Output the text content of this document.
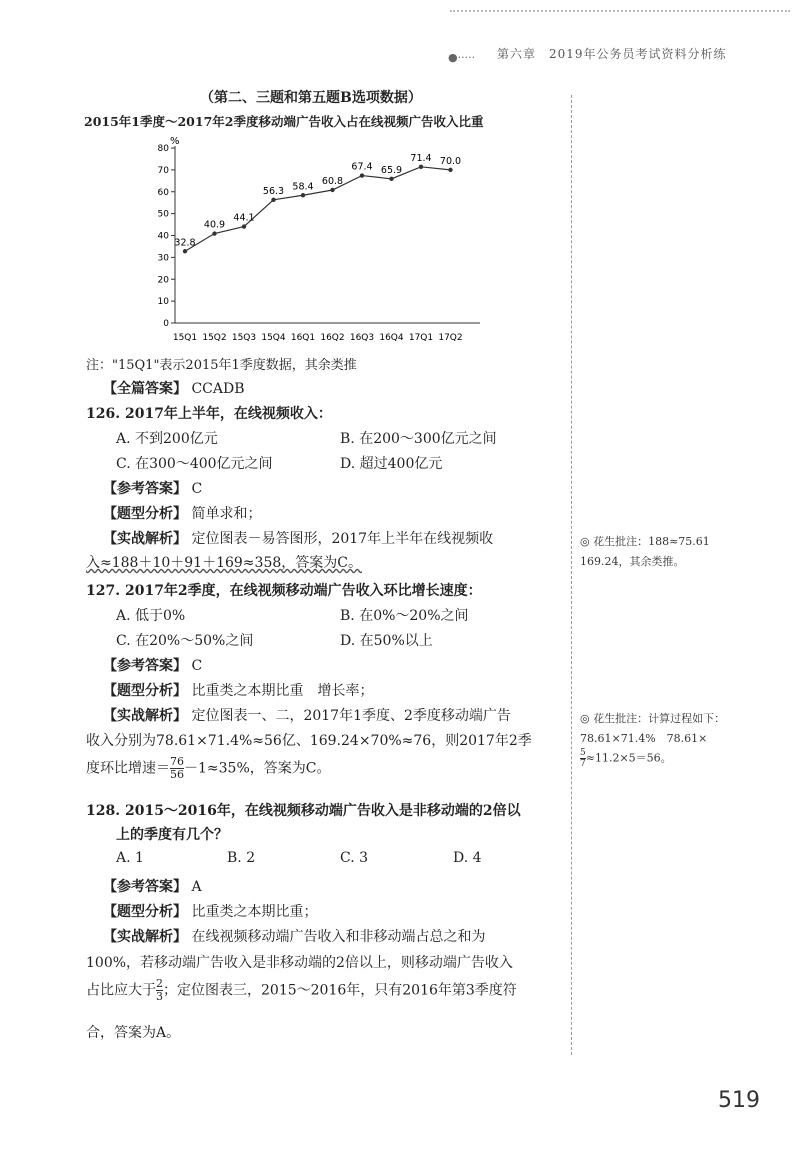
●····· 第六章　2019年公务员考试资料分析练
（第二、三题和第五题B选项数据）
2015年1季度～2017年2季度移动端广告收入占在线视频广告收入比重
%
0
10
20
30
40
50
60
70
80
32.8
40.9
44.1
56.3 58.4 60.8
67.4 65.9
71.4 70.0
15Q1 15Q2 15Q3 15Q4 16Q1 16Q2 16Q3 16Q4 17Q1 17Q2
注："15Q1"表示2015年1季度数据，其余类推
【全篇答案】 CCADB
126. 2017年上半年，在线视频收入：
A. 不到200亿元	B. 在200～300亿元之间
C. 在300～400亿元之间	D. 超过400亿元
【参考答案】 C
【题型分析】 简单求和；
【实战解析】 定位图表－易答图形，2017年上半年在线视频收
入≈188＋10＋91＋169≈358，答案为C。
◎ 花生批注：188≈75.61
169.24，其余类推。
127. 2017年2季度，在线视频移动端广告收入环比增长速度：
A. 低于0%	B. 在0%～20%之间
C. 在20%～50%之间	D. 在50%以上
【参考答案】 C
【题型分析】 比重类之本期比重　增长率；
【实战解析】 定位图表一、二，2017年1季度、2季度移动端广告
收入分别为78.61×71.4%≈56亿、169.24×70%≈76，则2017年2季
度环比增速＝ $\frac{76}{56} -1\approx 35\%$，答案为C。
◎ 花生批注：计算过程如下：
78.61×71.4%　78.61×
$\frac{5}{7} \approx 11.2\times 5=56$。
128. 2015～2016年，在线视频移动端广告收入是非移动端的2倍以
上的季度有几个？
A. 1	B. 2	C. 3	D. 4
【参考答案】 A
【题型分析】 比重类之本期比重；
【实战解析】 在线视频移动端广告收入和非移动端占总之和为
100%，若移动端广告收入是非移动端的2倍以上，则移动端广告收入
占比应大于 $\frac{2}{3}$ ；定位图表三，2015～2016年，只有2016年第3季度符
合，答案为A。
519
